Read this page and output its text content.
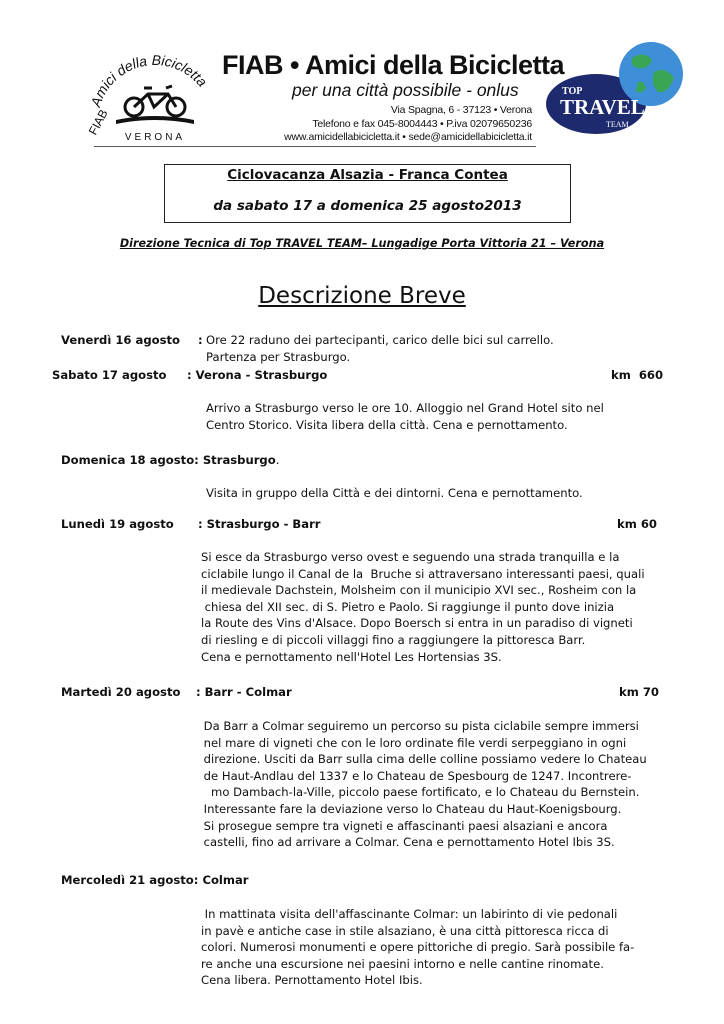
Amici della Bicicletta
FIAB
VERONA
FIAB • Amici della Bicicletta
per una città possibile - onlus
Via Spagna, 6 - 37123 • Verona
Telefono e fax 045-8004443 • P.iva 02079650236
www.amicidellabicicletta.it • sede@amicidellabicicletta.it
TOP
TRAVEL
TEAM
Ciclovacanza Alsazia - Franca Contea
da sabato 17 a domenica 25 agosto2013
Direzione Tecnica di Top TRAVEL TEAM– Lungadige Porta Vittoria 21 – Verona
Descrizione Breve
Venerdì 16 agosto : Ore 22 raduno dei partecipanti, carico delle bici sul carrello.
Partenza per Strasburgo.
Sabato 17 agosto : Verona - Strasburgo	km  660
Arrivo a Strasburgo verso le ore 10. Alloggio nel Grand Hotel sito nel
Centro Storico. Visita libera della città. Cena e pernottamento.
Domenica 18 agosto: Strasburgo.
Visita in gruppo della Città e dei dintorni. Cena e pernottamento.
Lunedì 19 agosto : Strasburgo - Barr	km 60
Si esce da Strasburgo verso ovest e seguendo una strada tranquilla e la
ciclabile lungo il Canal de la  Bruche si attraversano interessanti paesi, quali
il medievale Dachstein, Molsheim con il municipio XVI sec., Rosheim con la
chiesa del XII sec. di S. Pietro e Paolo. Si raggiunge il punto dove inizia
la Route des Vins d'Alsace. Dopo Boersch si entra in un paradiso di vigneti
di riesling e di piccoli villaggi fino a raggiungere la pittoresca Barr.
Cena e pernottamento nell'Hotel Les Hortensias 3S.
Martedì 20 agosto : Barr - Colmar	km 70
Da Barr a Colmar seguiremo un percorso su pista ciclabile sempre immersi
nel mare di vigneti che con le loro ordinate file verdi serpeggiano in ogni
direzione. Usciti da Barr sulla cima delle colline possiamo vedere lo Chateau
de Haut-Andlau del 1337 e lo Chateau de Spesbourg de 1247. Incontrere-
mo Dambach-la-Ville, piccolo paese fortificato, e lo Chateau du Bernstein.
Interessante fare la deviazione verso lo Chateau du Haut-Koenigsbourg.
Si prosegue sempre tra vigneti e affascinanti paesi alsaziani e ancora
castelli, fino ad arrivare a Colmar. Cena e pernottamento Hotel Ibis 3S.
Mercoledì 21 agosto: Colmar
In mattinata visita dell'affascinante Colmar: un labirinto di vie pedonali
in pavè e antiche case in stile alsaziano, è una città pittoresca ricca di
colori. Numerosi monumenti e opere pittoriche di pregio. Sarà possibile fa-
re anche una escursione nei paesini intorno e nelle cantine rinomate.
Cena libera. Pernottamento Hotel Ibis.
